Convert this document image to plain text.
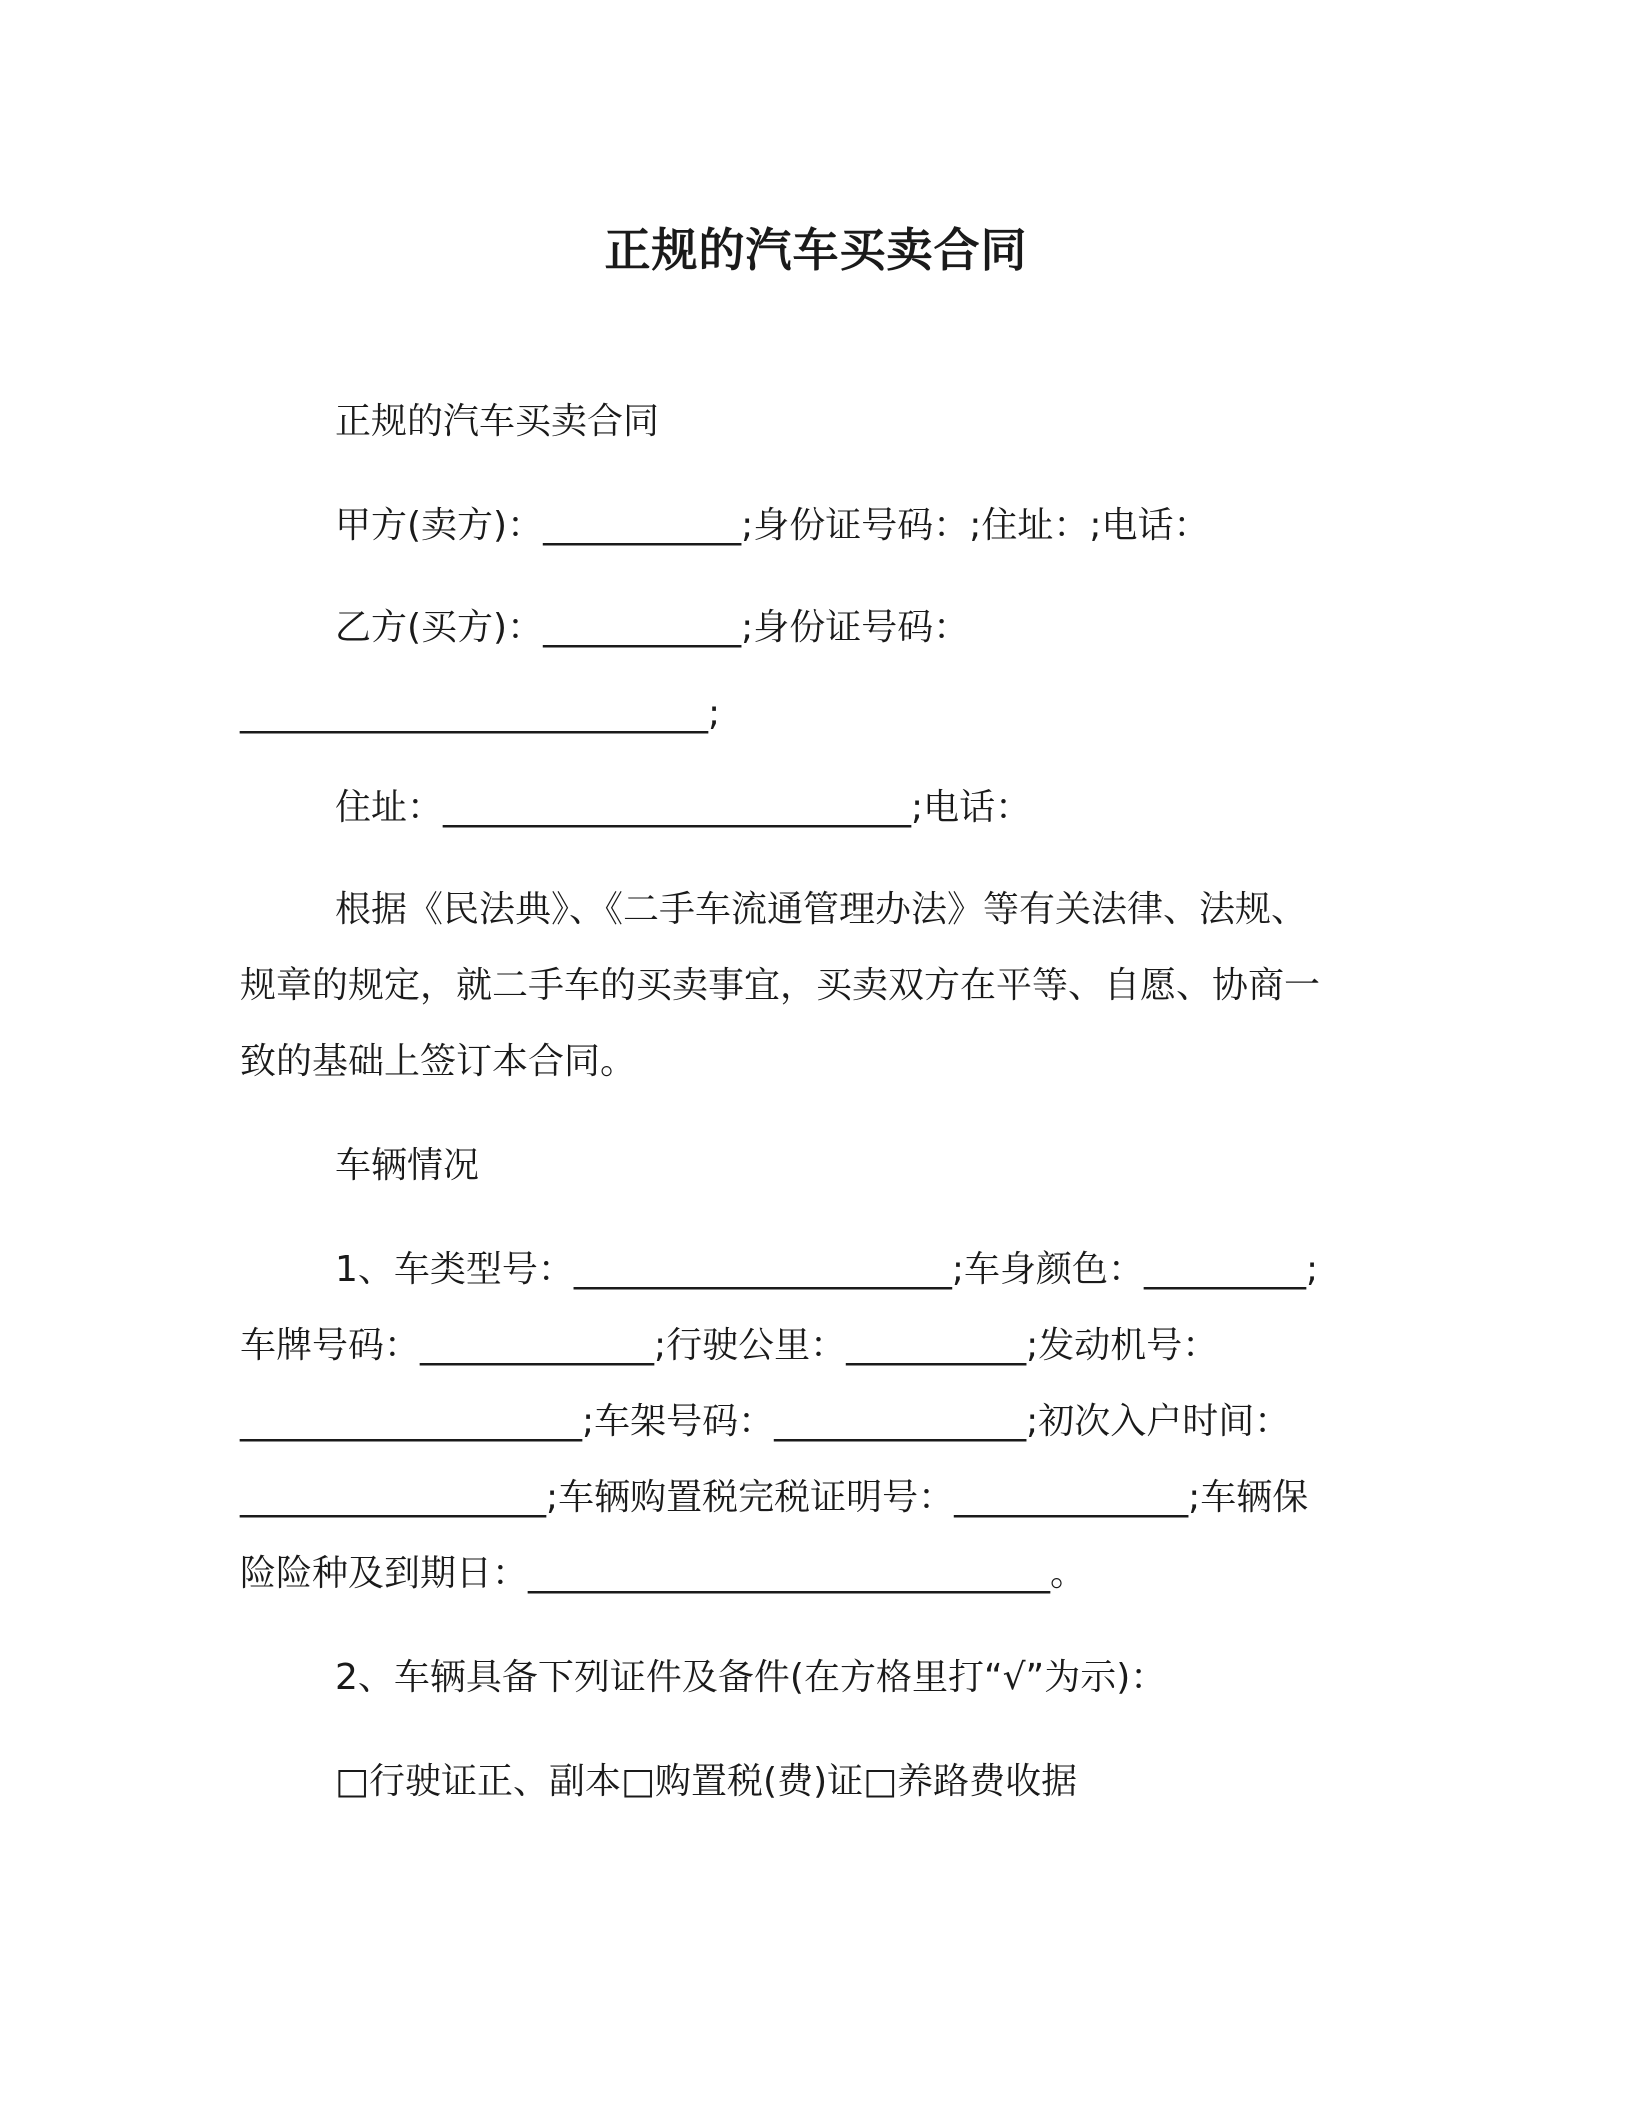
正规的汽车买卖合同
正规的汽车买卖合同
甲方(卖方)：___________;身份证号码：;住址：;电话：
乙方(买方)：___________;身份证号码：
__________________________;
住址：__________________________;电话：
根据《民法典》、《二手车流通管理办法》等有关法律、法规、
规章的规定，就二手车的买卖事宜，买卖双方在平等、自愿、协商一
致的基础上签订本合同。
车辆情况
1、车类型号：_____________________;车身颜色：_________;
车牌号码：_____________;行驶公里：__________;发动机号：
___________________;车架号码：______________;初次入户时间：
_________________;车辆购置税完税证明号：_____________;车辆保
险险种及到期日：_____________________________。
2、车辆具备下列证件及备件(在方格里打“√”为示)：
□行驶证正、副本□购置税(费)证□养路费收据
